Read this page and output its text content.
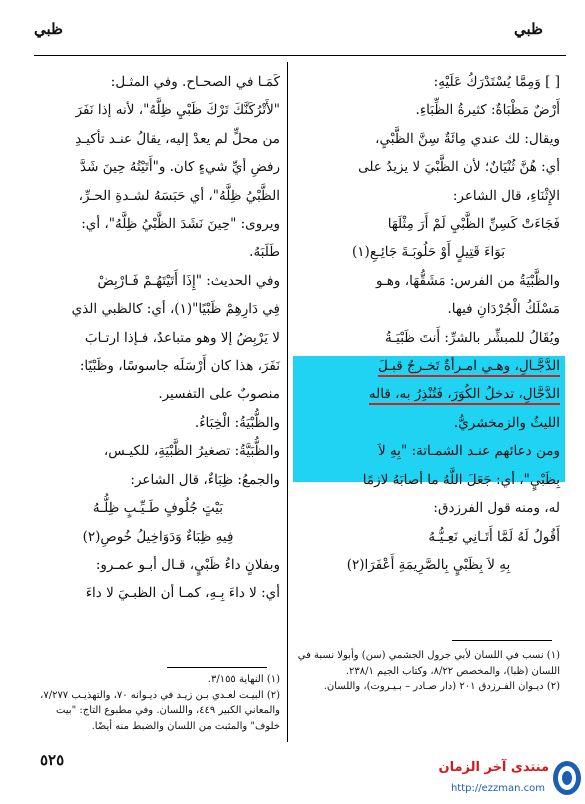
ظبي	ظبي

[ ] وَمِمَّا يُسْتَدْرَكُ عَلَيْهِ:

أَرْضٌ مَظْبَاةٌ: كثيرةُ الظِّبَاءِ.

ويقال: لك عندي مِائَةٌ سِنَّ الظَّبْيِ،

أي: هُنَّ ثُنْيَانٌ؛ لأن الظَّبْيَ لا يزيدُ على

الإِثْنَاءِ، قال الشاعر:

فَجَاءَتْ كَسِنِّ الظَّبْيِ لَمْ أَرَ مِثْلَهَا

بَوَاءَ قَتِيلٍ أَوْ حَلُوبَـةَ جَائِـعِ(١)

والظَّبْيَةُ من الفرس: مَشَقُّهَا، وهـو

مَسْلَكُ الْجُرْدَانِ فيها.

ويُقَالُ للمبشِّر بالشرِّ: أَنتَ ظَبْيَـةُ

الدَّجَّـالِ، وهـي امـرأةٌ تَخـرجُ قبـلَ

الدَّجَّالِ، تدخلُ الكُوَرَ، فَتُنْذِرُ به، قاله

الليثُ والزمخشريُّ.

ومن دعائهم عنـد الشمـاتة: "بِهِ لاَ

بِظَبْيٍ"، أي: جَعَلَ اللَّهُ ما أصابَهُ لازمًا

له، ومنه قول الفرزدق:

أَقُولُ لَهُ لَمَّا أَتَـانِي نَعِـيُّـهُ

بِهِ لاَ بِظَبْيٍ بِالصَّرِيمَةِ أَعْفَرَا(٢)

كَمَـا في الصحـاح. وفي المثـل:

"لأَتْرُكَنَّكَ تَرْكَ ظَبْيِ ظِلَّهُ"، لأنه إذا نَفَرَ

من محلٍّ لم يعدْ إليه، يقالُ عنـد تأكيـدِ

رفضِ أيِّ شيءٍ كان. و"أَتَيْتُهُ حِينَ شَدَّ

الظَّبْيُ ظِلَّهُ"، أي حَبَسَهُ لشـدةِ الحـرِّ،

ويروى: "حِينَ نَشَدَ الظَّبْيُ ظِلَّهُ"، أي:

طَلَبَهُ.

وفي الحديث: "إِذَا أَتَيْتَهُـمْ فَـارْبِضْ

فِي دَارِهِمْ ظَبْيًا"(١)، أي: كالظبي الذي

لا يَرْبِضُ إلا وهو متباعدٌ، فـإذا ارتـابَ

نَفَرَ، هذا كان أَرْسَلَه جاسوسًا، وظَبْيًا:

منصوبٌ على التفسير.

والظُّبْيَةُ: الْخِبَاءُ.

والظُّبَيَّةُ: تصغيرُ الظَّبْيَةِ، للكيـس،

والجمعُ: ظِبَاءٌ، قال الشاعر:

بَيْتٍ جُلُوفٍ طَـيِّـبٍ ظِلُّـهُ

فِيهِ ظِبَاءٌ وَدَوَاخِيلُ خُوصِ(٢)

وبفلانٍ داءُ ظَبْيٍ، قـال أبـو عمـرو:

أي: لا داءَ بِـهِ، كمـا أن الظبـيَ لا داءَ

(١) نسب في اللسان لأبي جرول الجشمي (سن) وأبولا نسبة في اللسان (ظبا)، والمخصص ٨/٢٢، وكتاب الجيم ٢٣٨/١.

(٢) ديـوان الفـرزدق ٢٠١ (دار صـادر – بـيـروت)، واللسان.

(١) النهاية ٣/١٥٥.

(٢) البيـت لعـدي بـن زيـد في ديـوانه ٧٠، والتهذيـب ٧/٢٧٧، والمعاني الكبير ٤٤٩، واللسان. وفي مطبوع التاج: "بيت خلوف" والمثبت من اللسان والضبط منه أيضًا.

٥٢٥	منتدى آخر الزمان
http://ezzman.com
